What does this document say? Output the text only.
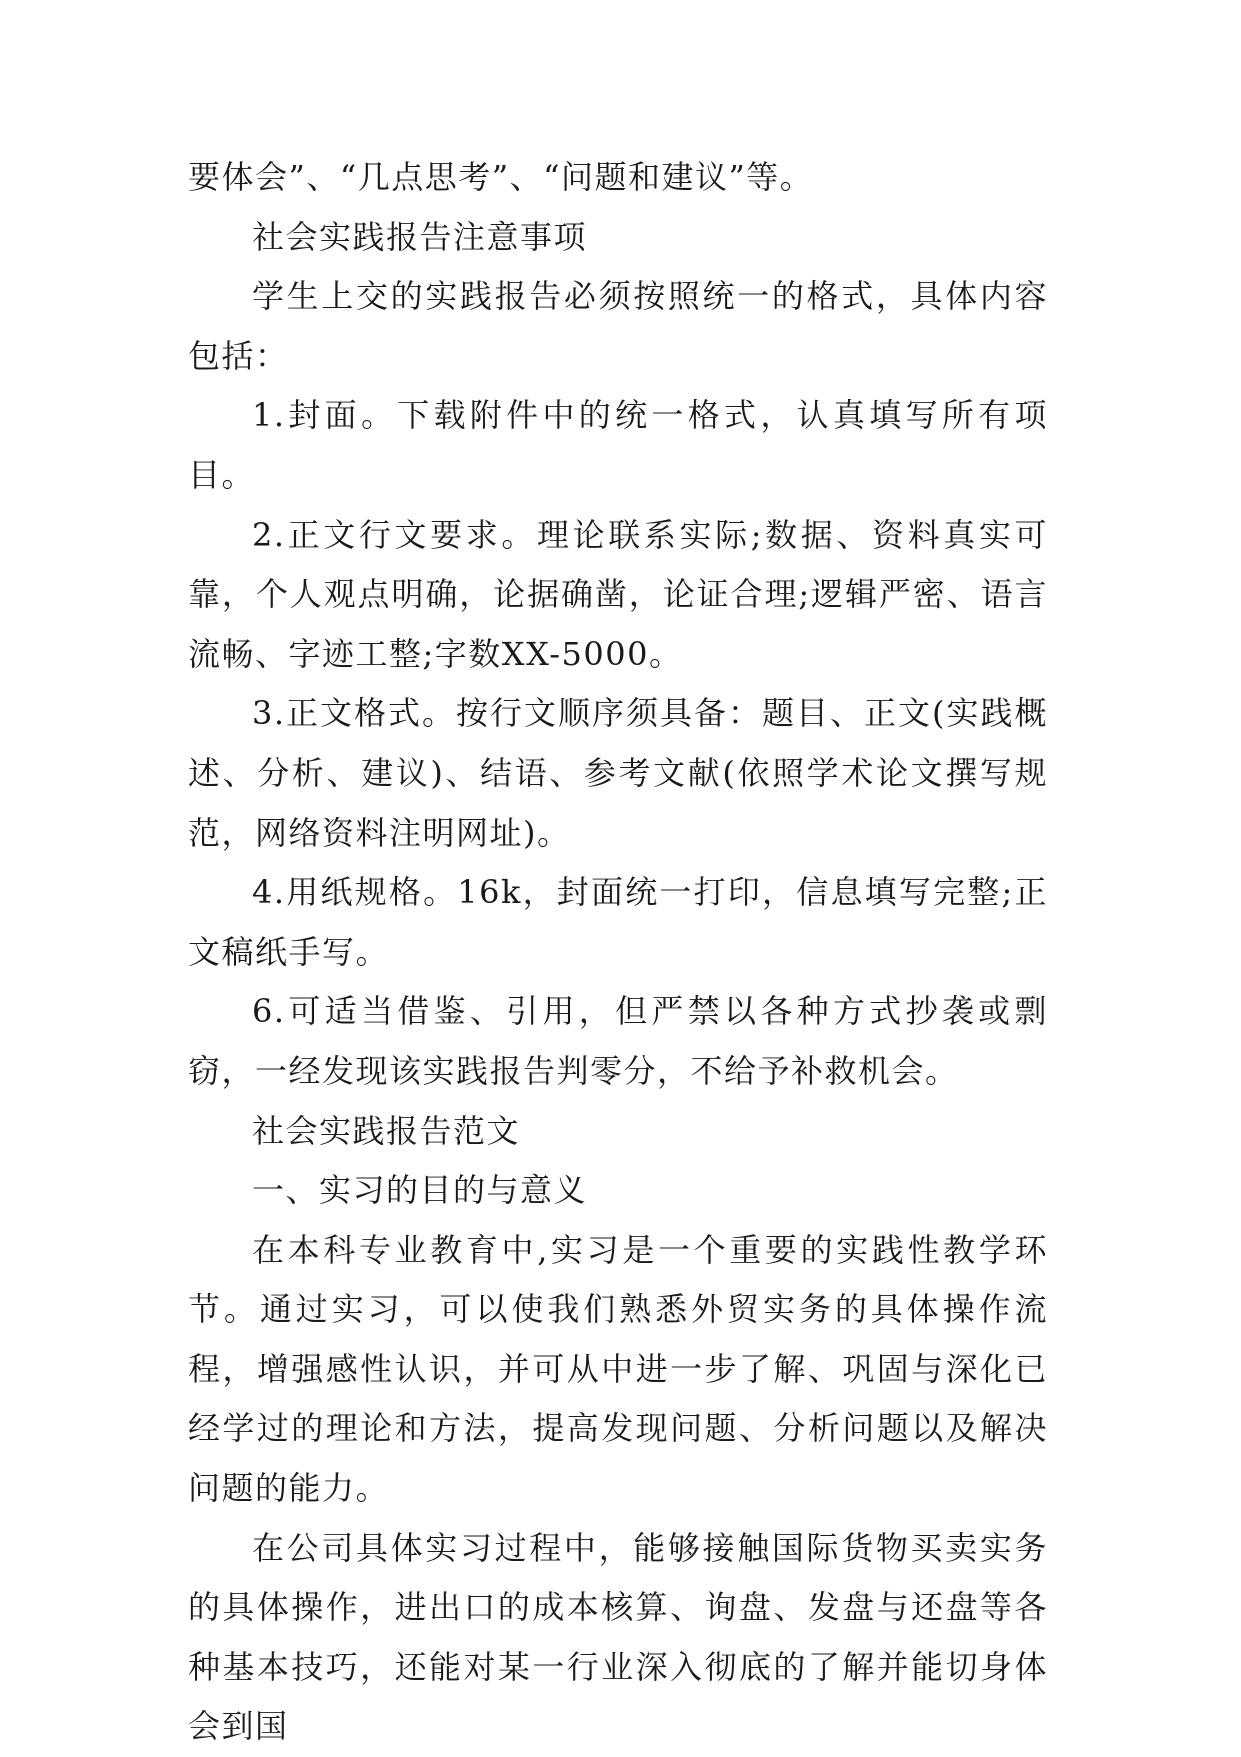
要体会”、“几点思考”、“问题和建议”等。

社会实践报告注意事项

学生上交的实践报告必须按照统一的格式，具体内容包括：

1.封面。下载附件中的统一格式，认真填写所有项目。

2.正文行文要求。理论联系实际;数据、资料真实可靠，个人观点明确，论据确凿，论证合理;逻辑严密、语言流畅、字迹工整;字数XX-5000。

3.正文格式。按行文顺序须具备：题目、正文(实践概述、分析、建议)、结语、参考文献(依照学术论文撰写规范，网络资料注明网址)。

4.用纸规格。16k，封面统一打印，信息填写完整;正文稿纸手写。

6.可适当借鉴、引用，但严禁以各种方式抄袭或剽窃，一经发现该实践报告判零分，不给予补救机会。

社会实践报告范文

一、实习的目的与意义

在本科专业教育中,实习是一个重要的实践性教学环节。通过实习，可以使我们熟悉外贸实务的具体操作流程，增强感性认识，并可从中进一步了解、巩固与深化已经学过的理论和方法，提高发现问题、分析问题以及解决问题的能力。

在公司具体实习过程中，能够接触国际货物买卖实务的具体操作，进出口的成本核算、询盘、发盘与还盘等各种基本技巧，还能对某一行业深入彻底的了解并能切身体会到国
